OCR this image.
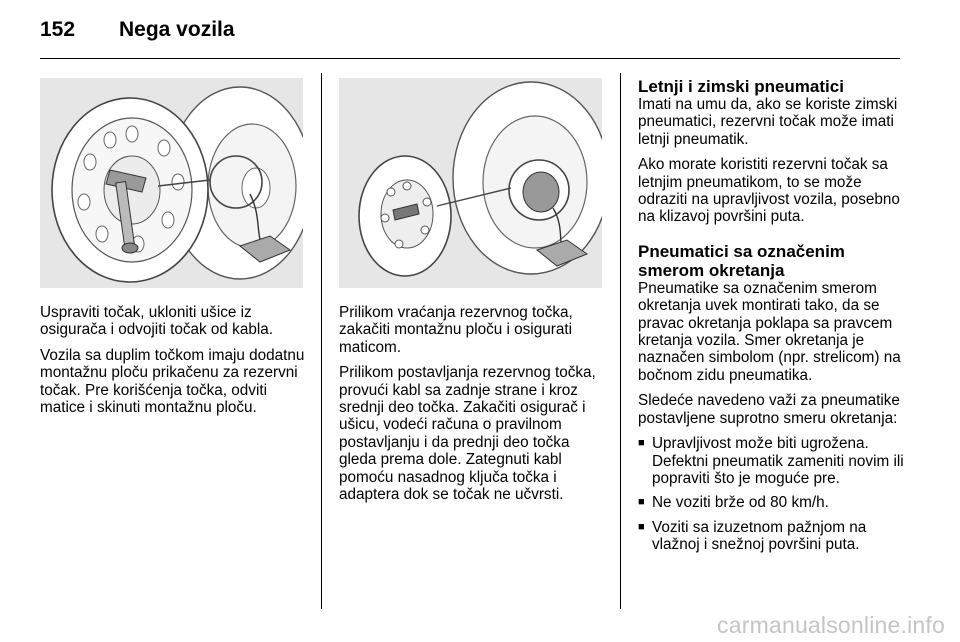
152 Nega vozila

Uspraviti točak, ukloniti ušice iz osigurača i odvojiti točak od kabla.

Vozila sa duplim točkom imaju dodatnu montažnu ploču prikačenu za rezervni točak. Pre korišćenja točka, odviti matice i skinuti montažnu ploču.

Prilikom vraćanja rezervnog točka, zakačiti montažnu ploču i osigurati maticom.

Prilikom postavljanja rezervnog točka, provući kabl sa zadnje strane i kroz srednji deo točka. Zakačiti osigurač i ušicu, vodeći računa o pravilnom postavljanju i da prednji deo točka gleda prema dole. Zategnuti kabl pomoću nasadnog ključa točka i adaptera dok se točak ne učvrsti.

Letnji i zimski pneumatici

Imati na umu da, ako se koriste zimski pneumatici, rezervni točak može imati letnji pneumatik.

Ako morate koristiti rezervni točak sa letnjim pneumatikom, to se može odraziti na upravljivost vozila, posebno na klizavoj površini puta.

Pneumatici sa označenim smerom okretanja

Pneumatike sa označenim smerom okretanja uvek montirati tako, da se pravac okretanja poklapa sa pravcem kretanja vozila. Smer okretanja je naznačen simbolom (npr. strelicom) na bočnom zidu pneumatika.

Sledeće navedeno važi za pneumatike postavljene suprotno smeru okretanja:

■ Upravljivost može biti ugrožena. Defektni pneumatik zameniti novim ili popraviti što je moguće pre.
■ Ne voziti brže od 80 km/h.
■ Voziti sa izuzetnom pažnjom na vlažnoj i snežnoj površini puta.
carmanualsonline.info
